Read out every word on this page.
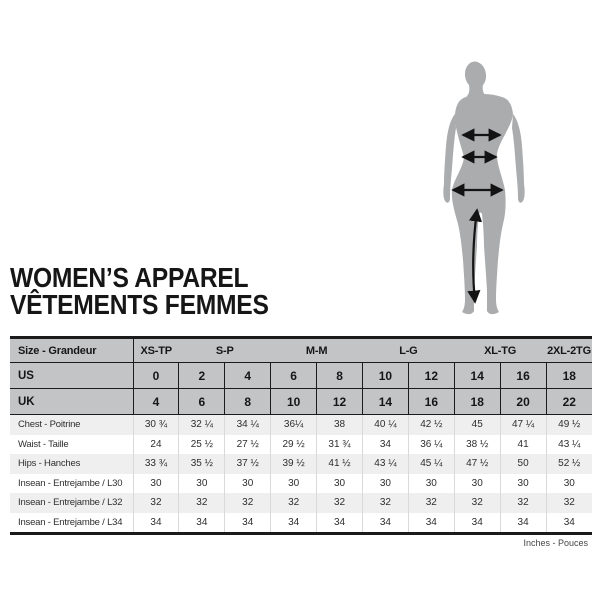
WOMEN’S APPAREL
VÊTEMENTS FEMMES
Size - Grandeur	XS-TP	S-P		M-M		L-G		XL-TG		2XL-2TG
US	0	2	4	6	8	10	12	14	16	18
UK	4	6	8	10	12	14	16	18	20	22
Chest - Poitrine	30 ¾	32 ¼	34 ¼	36¼	38	40 ¼	42 ½	45	47 ¼	49 ½
Waist - Taille	24	25 ½	27 ½	29 ½	31 ¾	34	36 ¼	38 ½	41	43 ¼
Hips - Hanches	33 ¾	35 ½	37 ½	39 ½	41 ½	43 ¼	45 ¼	47 ½	50	52 ½
Insean - Entrejambe / L30	30	30	30	30	30	30	30	30	30	30
Insean - Entrejambe / L32	32	32	32	32	32	32	32	32	32	32
Insean - Entrejambe / L34	34	34	34	34	34	34	34	34	34	34
Inches - Pouces
